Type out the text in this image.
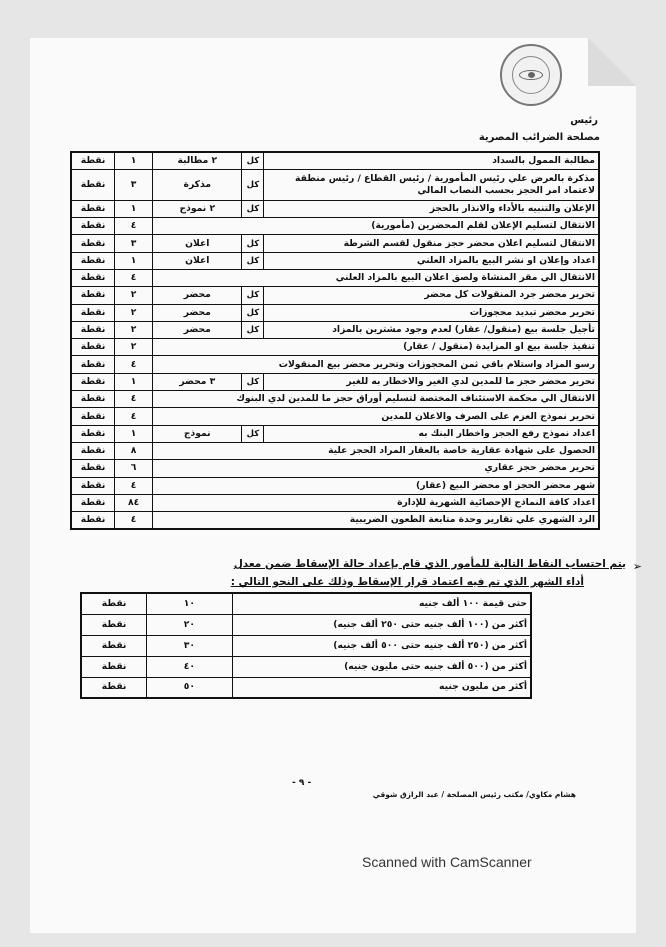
رئيس
مصلحة الضرائب المصرية
مطالبة الممول بالسداد	كل	٢ مطالبة	١	نقطة
مذكرة بالعرض علي رئيس المأمورية / رئيس القطاع / رئيس منطقة لاعتماد امر الحجز بحسب النصاب المالي	كل	مذكرة	٣	نقطة
الإعلان والتنبيه بالأداء والانذار بالحجز	كل	٢ نموذج	١	نقطة
الانتقال لتسليم الإعلان لقلم المحضرين (مأمورية)			٤	نقطة
الانتقال لتسليم اعلان محضر حجز منقول لقسم الشرطة	كل	اعلان	٣	نقطة
اعداد وإعلان او نشر البيع بالمزاد العلني	كل	اعلان	١	نقطة
الانتقال الي مقر المنشاة ولصق اعلان البيع بالمزاد العلني			٤	نقطة
تحرير محضر جرد المنقولات كل محضر	كل	محضر	٢	نقطة
تحرير محضر تبديد محجوزات	كل	محضر	٢	نقطة
تأجيل جلسة بيع (منقول/ عقار) لعدم وجود مشترين بالمزاد	كل	محضر	٢	نقطة
تنفيذ جلسة بيع او المزايدة (منقول / عقار)			٢	نقطة
رسو المزاد واستلام باقي ثمن المحجوزات وتحرير محضر بيع المنقولات			٤	نقطة
تحرير محضر حجز ما للمدين لدي الغير والاخطار به للغير	كل	٣ محضر	١	نقطة
الانتقال الي محكمة الاستئناف المختصة لتسليم أوراق حجز ما للمدين لدي البنوك			٤	نقطة
تحرير نموذج العزم على الصرف والاعلان للمدين			٤	نقطة
اعداد نموذج رفع الحجز واخطار البنك به	كل	نموذج	١	نقطة
الحصول على شهادة عقارية خاصة بالعقار المراد الحجز علية			٨	نقطة
تحرير محضر حجز عقاري			٦	نقطة
شهر محضر الحجز او محضر البيع (عقار)			٤	نقطة
اعداد كافة النماذج الإحصائية الشهرية للإدارة			٨٤	نقطة
الرد الشهري علي تقارير وحدة متابعة الطعون الضريبية			٤	نقطة
➢
يتم احتساب النقاط التالية للمأمور الذي قام بإعداد حالة الإسقاط ضمن معدل
أداء الشهر الذي تم فيه اعتماد قرار الإسقاط وذلك على النحو التالي :
حتى قيمة ١٠٠ ألف جنيه	١٠	نقطة
أكثر من (١٠٠ ألف جنيه حتى ٢٥٠ ألف جنيه)	٢٠	نقطة
أكثر من (٢٥٠ ألف جنيه حتى ٥٠٠ ألف جنيه)	٣٠	نقطة
أكثر من (٥٠٠ ألف جنيه حتى مليون جنيه)	٤٠	نقطة
أكثر من مليون جنيه	٥٠	نقطة
- ٩ -
هشام مكاوي/ مكتب رئيس المصلحة / عبد الرازق شوقي
Scanned with CamScanner
